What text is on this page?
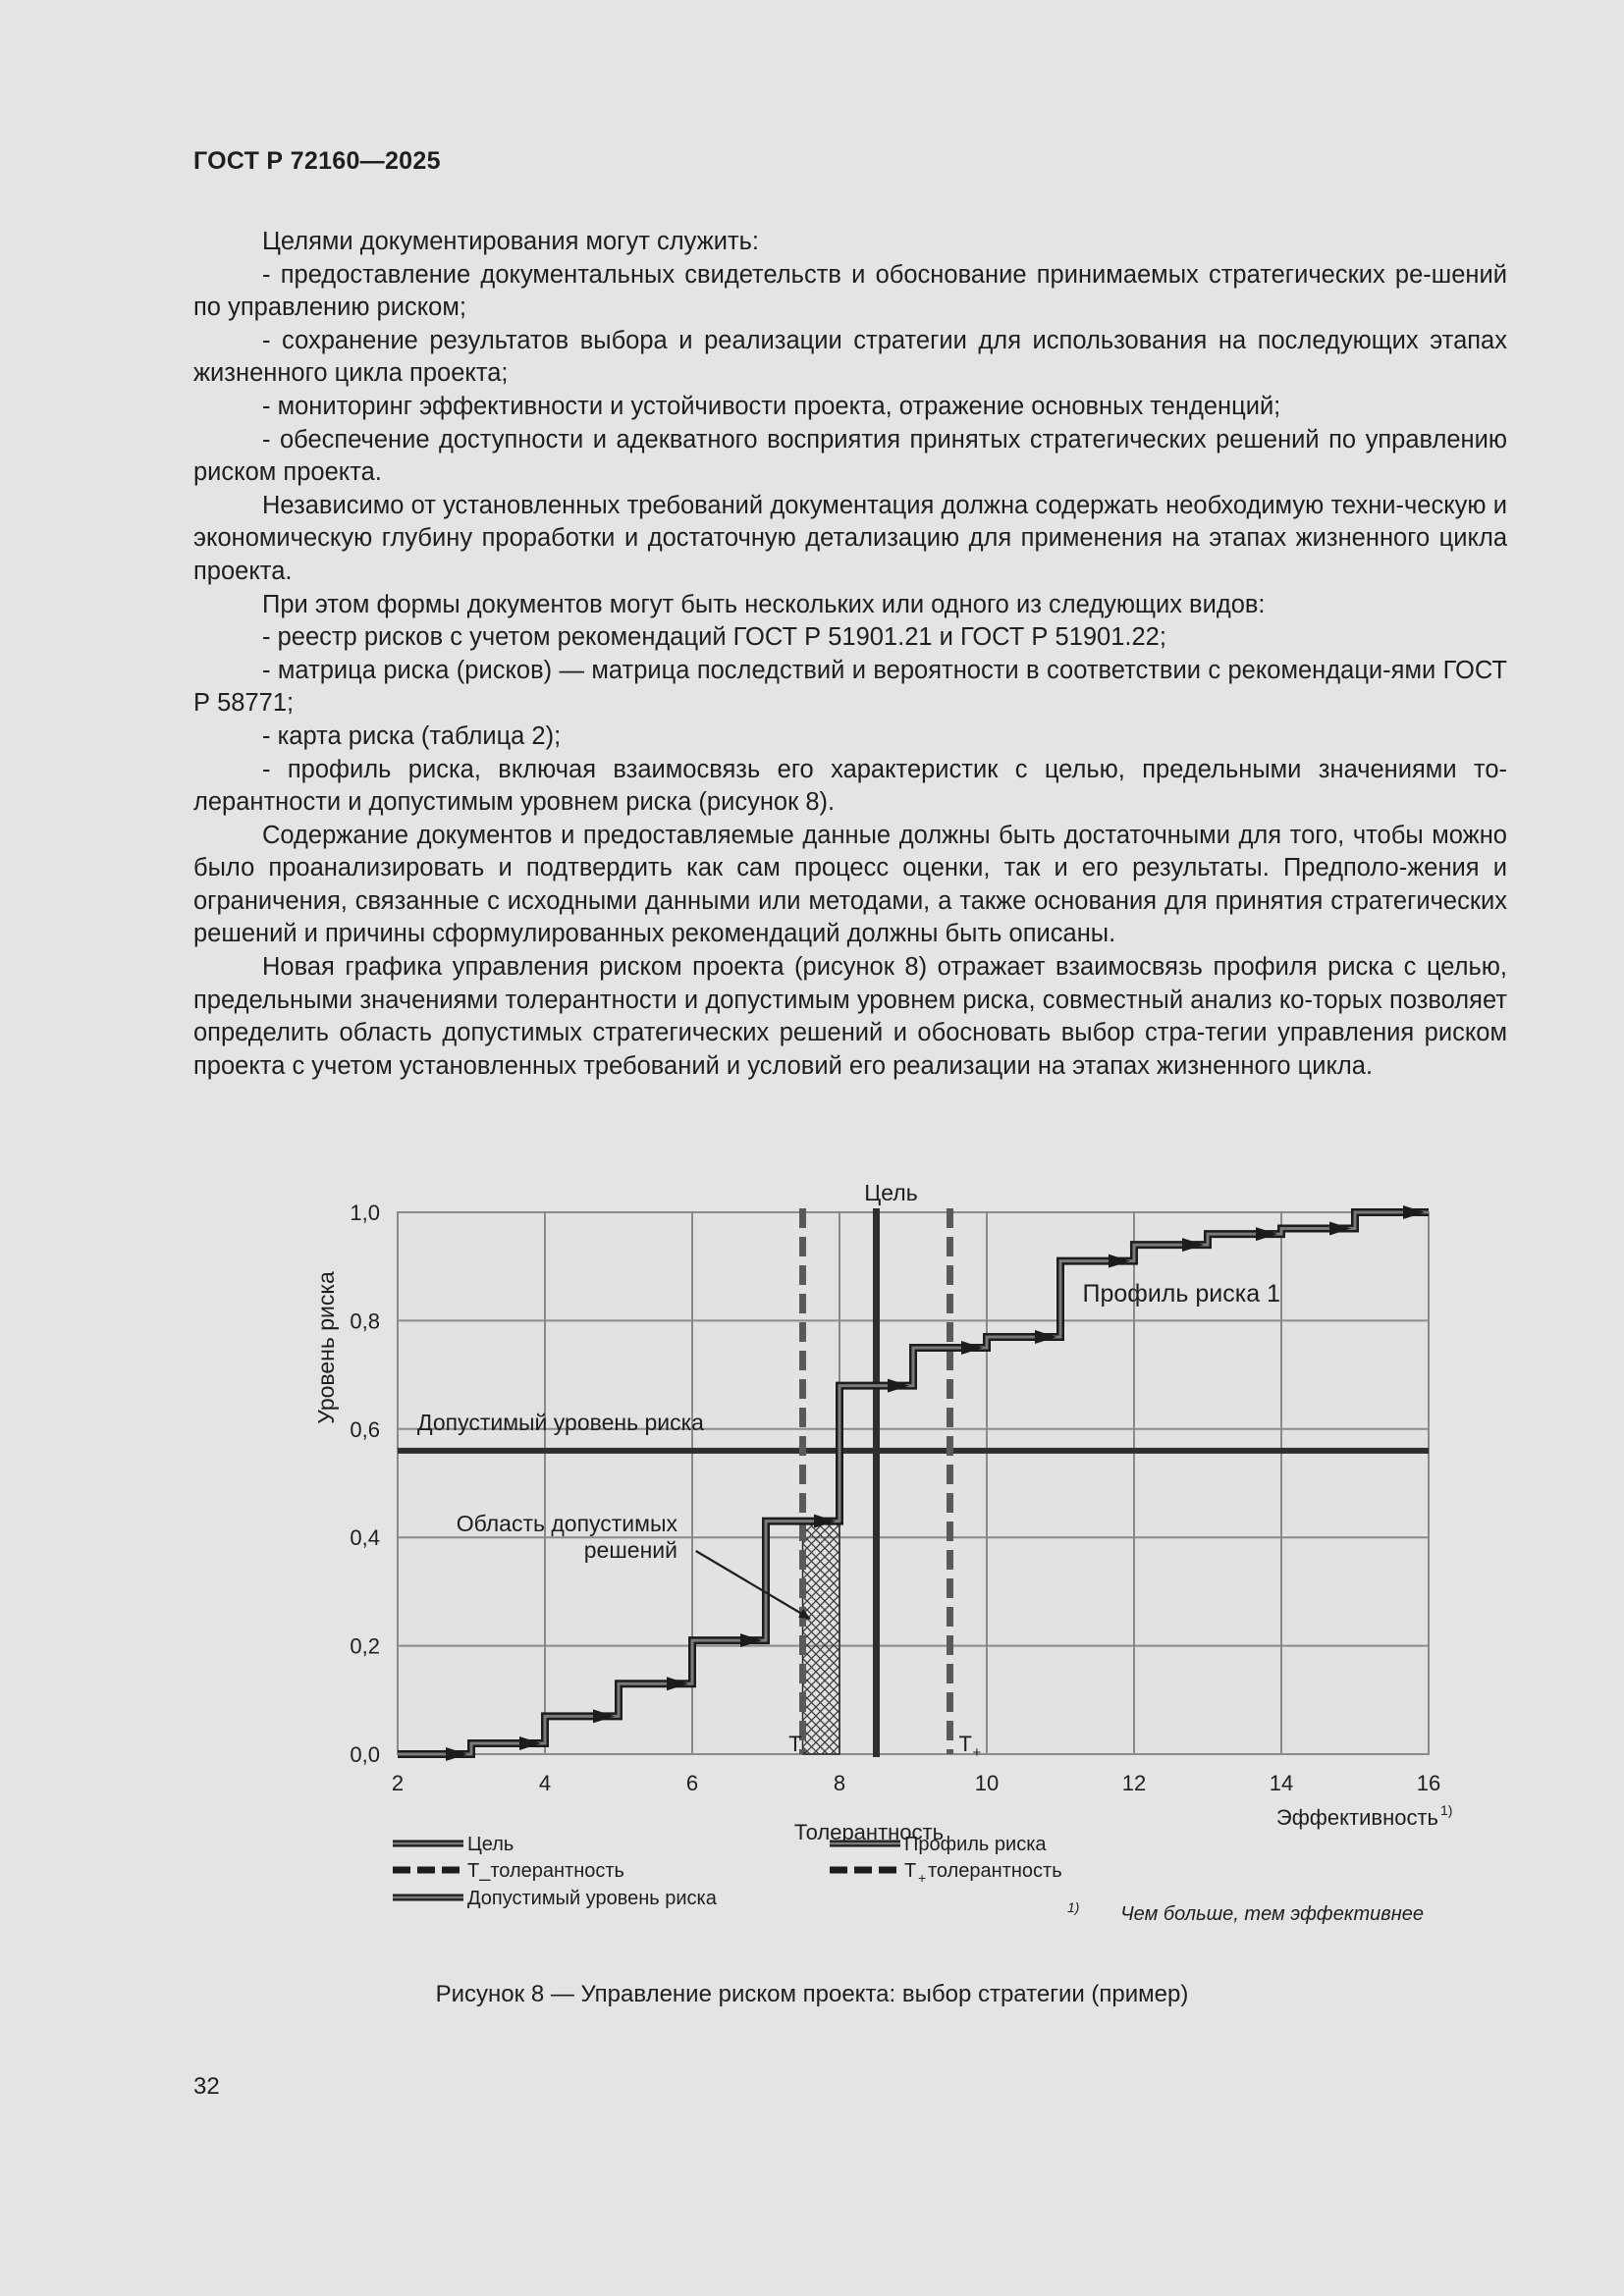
ГОСТ Р 72160—2025

Целями документирования могут служить:

- предоставление документальных свидетельств и обоснование принимаемых стратегических ре-шений по управлению риском;

- сохранение результатов выбора и реализации стратегии для использования на последующих этапах жизненного цикла проекта;

- мониторинг эффективности и устойчивости проекта, отражение основных тенденций;

- обеспечение доступности и адекватного восприятия принятых стратегических решений по управлению риском проекта.

Независимо от установленных требований документация должна содержать необходимую техни-ческую и экономическую глубину проработки и достаточную детализацию для применения на этапах жизненного цикла проекта.

При этом формы документов могут быть нескольких или одного из следующих видов:

- реестр рисков с учетом рекомендаций ГОСТ Р 51901.21 и ГОСТ Р 51901.22;

- матрица риска (рисков) — матрица последствий и вероятности в соответствии с рекомендаци-ями ГОСТ Р 58771;

- карта риска (таблица 2);

- профиль риска, включая взаимосвязь его характеристик с целью, предельными значениями то-лерантности и допустимым уровнем риска (рисунок 8).

Содержание документов и предоставляемые данные должны быть достаточными для того, чтобы можно было проанализировать и подтвердить как сам процесс оценки, так и его результаты. Предполо-жения и ограничения, связанные с исходными данными или методами, а также основания для принятия стратегических решений и причины сформулированных рекомендаций должны быть описаны.

Новая графика управления риском проекта (рисунок 8) отражает взаимосвязь профиля риска с целью, предельными значениями толерантности и допустимым уровнем риска, совместный анализ ко-торых позволяет определить область допустимых стратегических решений и обосновать выбор стра-тегии управления риском проекта с учетом установленных требований и условий его реализации на этапах жизненного цикла.

2	4	6	8	10	12	14	16
0,0
0,2
0,4
0,6
0,8
1,0
Уровень риска
Эффективность 1)
Толерантность
Цель
T -	T +
Допустимый уровень риска
Профиль риска 1
Область допустимых
решений
Цель	Профиль риска
T_толерантность	T + толерантность
Допустимый уровень риска	1) Чем больше, тем эффективнее
Рисунок 8 — Управление риском проекта: выбор стратегии (пример)
32
